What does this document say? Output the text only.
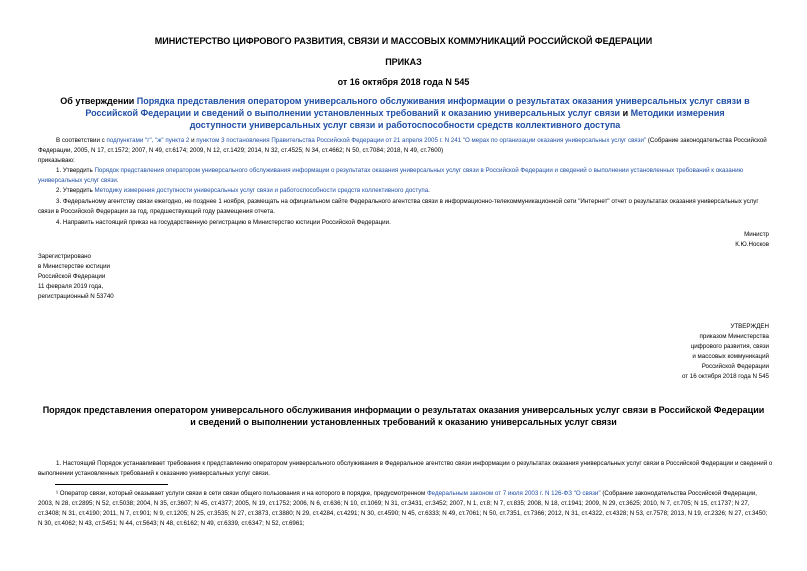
МИНИСТЕРСТВО ЦИФРОВОГО РАЗВИТИЯ, СВЯЗИ И МАССОВЫХ КОММУНИКАЦИЙ РОССИЙСКОЙ ФЕДЕРАЦИИ
ПРИКАЗ
от 16 октября 2018 года N 545
Об утверждении Порядка представления оператором универсального обслуживания информации о результатах оказания универсальных услуг связи в Российской Федерации и сведений о выполнении установленных требований к оказанию универсальных услуг связи и Методики измерения доступности универсальных услуг связи и работоспособности средств коллективного доступа
В соответствии с подпунктами "г", "ж" пункта 2 и пунктом 3 постановления Правительства Российской Федерации от 21 апреля 2005 г. N 241 "О мерах по организации оказания универсальных услуг связи" (Собрание законодательства Российской Федерации, 2005, N 17, ст.1572; 2007, N 49, ст.6174; 2009, N 12, ст.1429; 2014, N 32, ст.4525; N 34, ст.4662; N 50, ст.7084; 2018, N 49, ст.7600)
приказываю:
1. Утвердить Порядок представления оператором универсального обслуживания информации о результатах оказания универсальных услуг связи в Российской Федерации и сведений о выполнении установленных требований к оказанию универсальных услуг связи.
2. Утвердить Методику измерения доступности универсальных услуг связи и работоспособности средств коллективного доступа.
3. Федеральному агентству связи ежегодно, не позднее 1 ноября, размещать на официальном сайте Федерального агентства связи в информационно-телекоммуникационной сети "Интернет" отчет о результатах оказания универсальных услуг связи в Российской Федерации за год, предшествующий году размещения отчета.
4. Направить настоящий приказ на государственную регистрацию в Министерство юстиции Российской Федерации.
Министр
К.Ю.Носков
Зарегистрировано
в Министерстве юстиции
Российской Федерации
11 февраля 2019 года,
регистрационный N 53740
УТВЕРЖДЕН
приказом Министерства
цифрового развития, связи
и массовых коммуникаций
Российской Федерации
от 16 октября 2018 года N 545
Порядок представления оператором универсального обслуживания информации о результатах оказания универсальных услуг связи в Российской Федерации и сведений о выполнении установленных требований к оказанию универсальных услуг связи
1. Настоящий Порядок устанавливает требования к представлению оператором универсального обслуживания в Федеральное агентство связи информации о результатах оказания универсальных услуг связи в Российской Федерации и сведений о выполнении установленных требований к оказанию универсальных услуг связи.
¹ Оператор связи, который оказывает услуги связи в сети связи общего пользования и на которого в порядке, предусмотренном Федеральным законом от 7 июля 2003 г. N 126-ФЗ "О связи" (Собрание законодательства Российской Федерации, 2003, N 28, ст.2895; N 52, ст.5038; 2004, N 35, ст.3607; N 45, ст.4377; 2005, N 19, ст.1752; 2006, N 6, ст.636; N 10, ст.1069; N 31, ст.3431, ст.3452; 2007, N 1, ст.8; N 7, ст.835; 2008, N 18, ст.1941; 2009, N 29, ст.3625; 2010, N 7, ст.705; N 15, ст.1737; N 27, ст.3408; N 31, ст.4190; 2011, N 7, ст.901; N 9, ст.1205; N 25, ст.3535; N 27, ст.3873, ст.3880; N 29, ст.4284, ст.4291; N 30, ст.4590; N 45, ст.6333; N 49, ст.7061; N 50, ст.7351, ст.7366; 2012, N 31, ст.4322, ст.4328; N 53, ст.7578; 2013, N 19, ст.2326; N 27, ст.3450; N 30, ст.4062; N 43, ст.5451; N 44, ст.5643; N 48, ст.6162; N 49, ст.6339, ст.6347; N 52, ст.6961;
